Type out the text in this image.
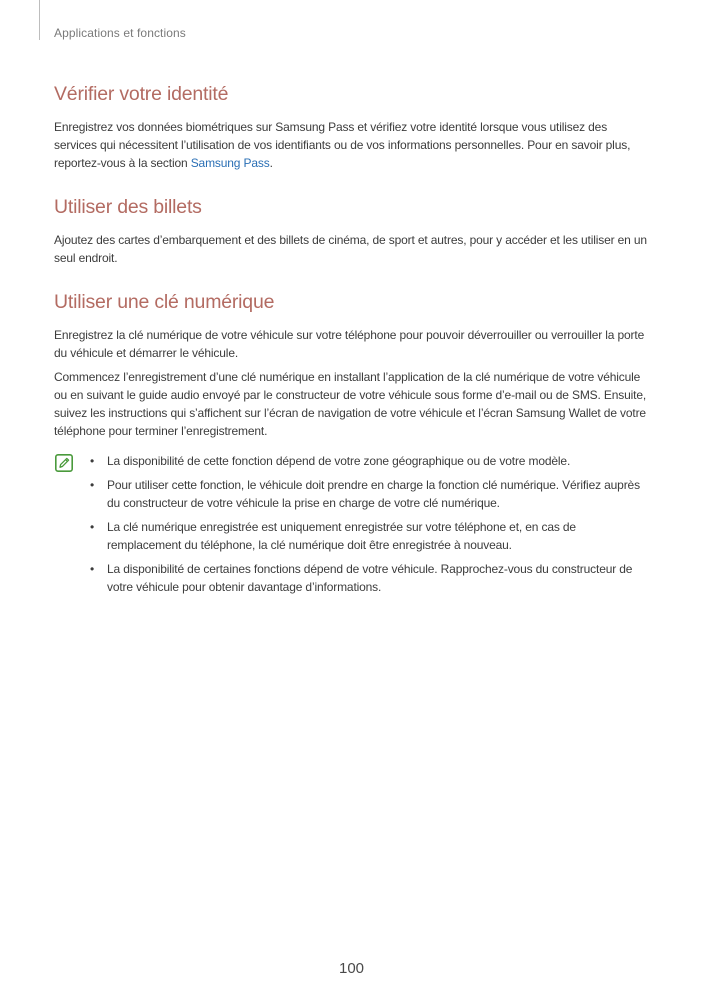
Applications et fonctions
Vérifier votre identité

Enregistrez vos données biométriques sur Samsung Pass et vérifiez votre identité lorsque vous utilisez des services qui nécessitent l’utilisation de vos identifiants ou de vos informations personnelles. Pour en savoir plus, reportez-vous à la section Samsung Pass.

Utiliser des billets

Ajoutez des cartes d’embarquement et des billets de cinéma, de sport et autres, pour y accéder et les utiliser en un seul endroit.

Utiliser une clé numérique

Enregistrez la clé numérique de votre véhicule sur votre téléphone pour pouvoir déverrouiller ou verrouiller la porte du véhicule et démarrer le véhicule.

Commencez l’enregistrement d’une clé numérique en installant l’application de la clé numérique de votre véhicule ou en suivant le guide audio envoyé par le constructeur de votre véhicule sous forme d’e-mail ou de SMS. Ensuite, suivez les instructions qui s’affichent sur l’écran de navigation de votre véhicule et l’écran Samsung Wallet de votre téléphone pour terminer l’enregistrement.

• La disponibilité de cette fonction dépend de votre zone géographique ou de votre modèle.
• Pour utiliser cette fonction, le véhicule doit prendre en charge la fonction clé numérique. Vérifiez auprès du constructeur de votre véhicule la prise en charge de votre clé numérique.
• La clé numérique enregistrée est uniquement enregistrée sur votre téléphone et, en cas de remplacement du téléphone, la clé numérique doit être enregistrée à nouveau.
• La disponibilité de certaines fonctions dépend de votre véhicule. Rapprochez-vous du constructeur de votre véhicule pour obtenir davantage d’informations.
100
